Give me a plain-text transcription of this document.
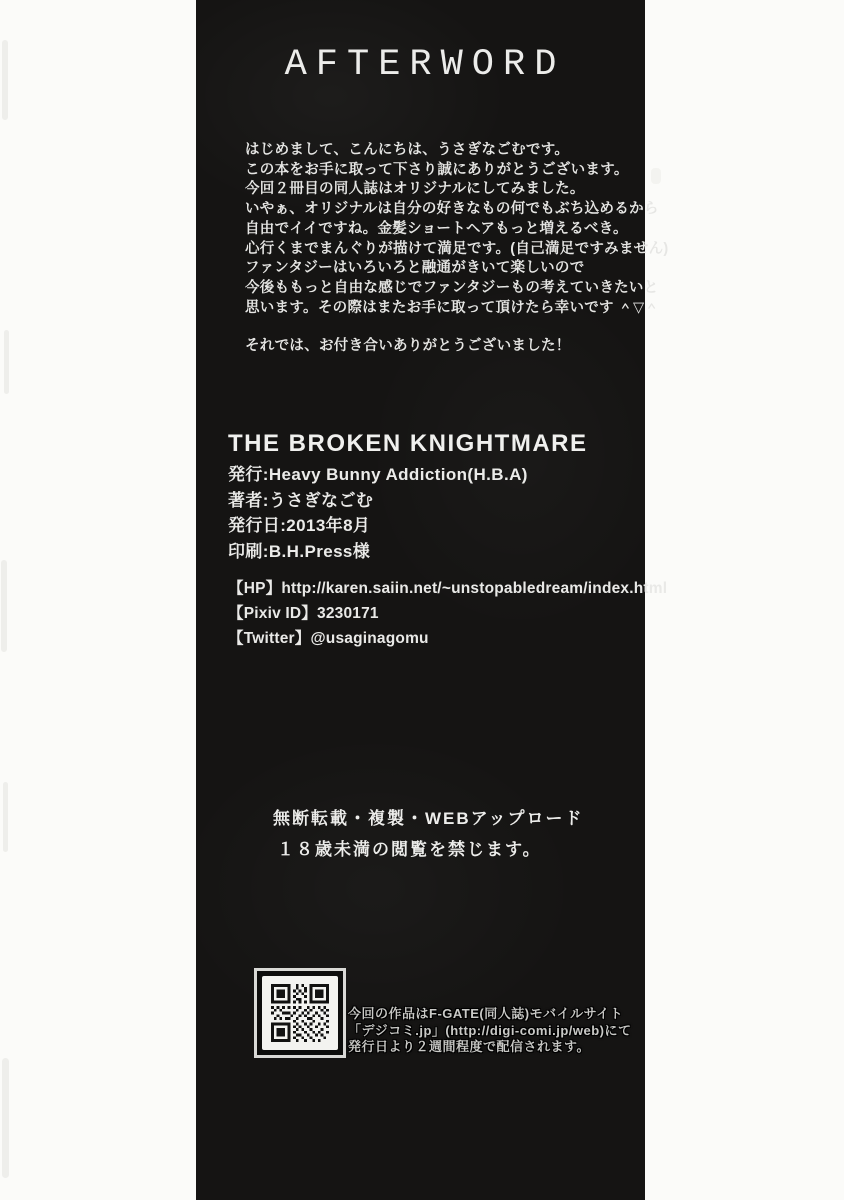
AFTERWORD
はじめまして、こんにちは、うさぎなごむです。
この本をお手に取って下さり誠にありがとうございます。
今回２冊目の同人誌はオリジナルにしてみました。
いやぁ、オリジナルは自分の好きなもの何でもぶち込めるから
自由でイイですね。金髪ショートヘアもっと増えるべき。
心行くまでまんぐりが描けて満足です。(自己満足ですみません)
ファンタジーはいろいろと融通がきいて楽しいので
今後ももっと自由な感じでファンタジーもの考えていきたいと
思います。その際はまたお手に取って頂けたら幸いです ＾▽＾
それでは、お付き合いありがとうございました！
THE BROKEN KNIGHTMARE
発行:Heavy Bunny Addiction(H.B.A)
著者:うさぎなごむ
発行日:2013年8月
印刷:B.H.Press様
【HP】http://karen.saiin.net/~unstopabledream/index.html
【Pixiv ID】3230171
【Twitter】@usaginagomu
無断転載・複製・WEBアップロード
１８歳未満の閲覧を禁じます。
今回の作品はF-GATE(同人誌)モバイルサイト
「デジコミ.jp」(http://digi-comi.jp/web)にて
発行日より２週間程度で配信されます。
